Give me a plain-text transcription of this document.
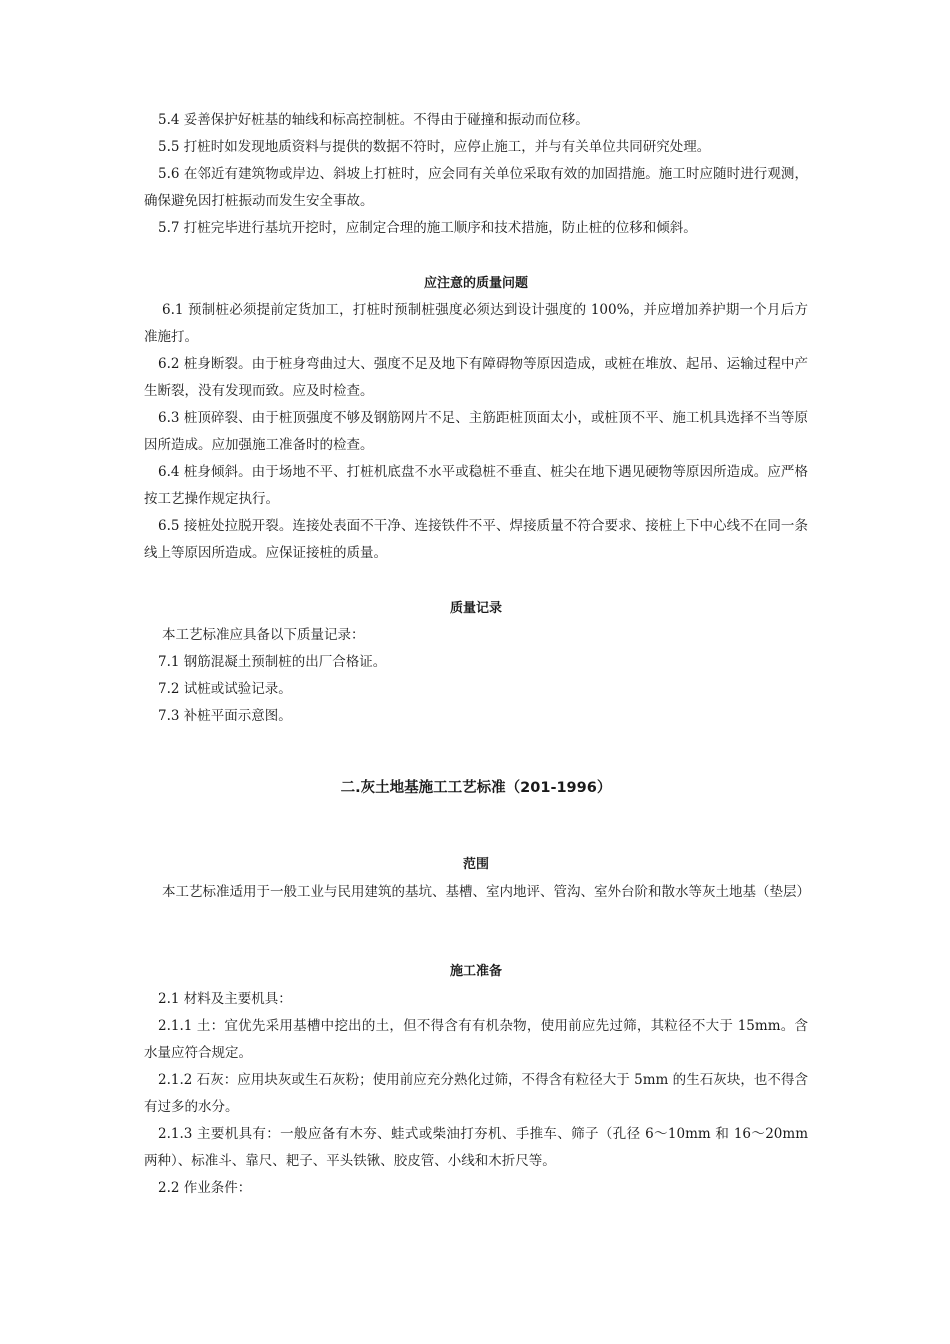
5.4 妥善保护好桩基的轴线和标高控制桩。不得由于碰撞和振动而位移。
5.5 打桩时如发现地质资料与提供的数据不符时，应停止施工，并与有关单位共同研究处理。
5.6 在邻近有建筑物或岸边、斜坡上打桩时，应会同有关单位采取有效的加固措施。施工时应随时进行观测，确保避免因打桩振动而发生安全事故。
5.7 打桩完毕进行基坑开挖时，应制定合理的施工顺序和技术措施，防止桩的位移和倾斜。
应注意的质量问题
6.1 预制桩必须提前定货加工，打桩时预制桩强度必须达到设计强度的 100%，并应增加养护期一个月后方准施打。
6.2 桩身断裂。由于桩身弯曲过大、强度不足及地下有障碍物等原因造成，或桩在堆放、起吊、运输过程中产生断裂，没有发现而致。应及时检查。
6.3 桩顶碎裂、由于桩顶强度不够及钢筋网片不足、主筋距桩顶面太小，或桩顶不平、施工机具选择不当等原因所造成。应加强施工准备时的检查。
6.4 桩身倾斜。由于场地不平、打桩机底盘不水平或稳桩不垂直、桩尖在地下遇见硬物等原因所造成。应严格按工艺操作规定执行。
6.5 接桩处拉脱开裂。连接处表面不干净、连接铁件不平、焊接质量不符合要求、接桩上下中心线不在同一条线上等原因所造成。应保证接桩的质量。
质量记录
本工艺标准应具备以下质量记录：
7.1 钢筋混凝土预制桩的出厂合格证。
7.2 试桩或试验记录。
7.3 补桩平面示意图。
二.灰土地基施工工艺标准（201-1996）
范围
本工艺标准适用于一般工业与民用建筑的基坑、基槽、室内地评、管沟、室外台阶和散水等灰土地基（垫层）
施工准备
2.1 材料及主要机具：
2.1.1 土：宜优先采用基槽中挖出的土，但不得含有有机杂物，使用前应先过筛，其粒径不大于 15mm。含水量应符合规定。
2.1.2 石灰：应用块灰或生石灰粉；使用前应充分熟化过筛，不得含有粒径大于 5mm 的生石灰块，也不得含有过多的水分。
2.1.3 主要机具有：一般应备有木夯、蛙式或柴油打夯机、手推车、筛子（孔径 6～10mm 和 16～20mm 两种）、标准斗、靠尺、耙子、平头铁锹、胶皮管、小线和木折尺等。
2.2 作业条件：
